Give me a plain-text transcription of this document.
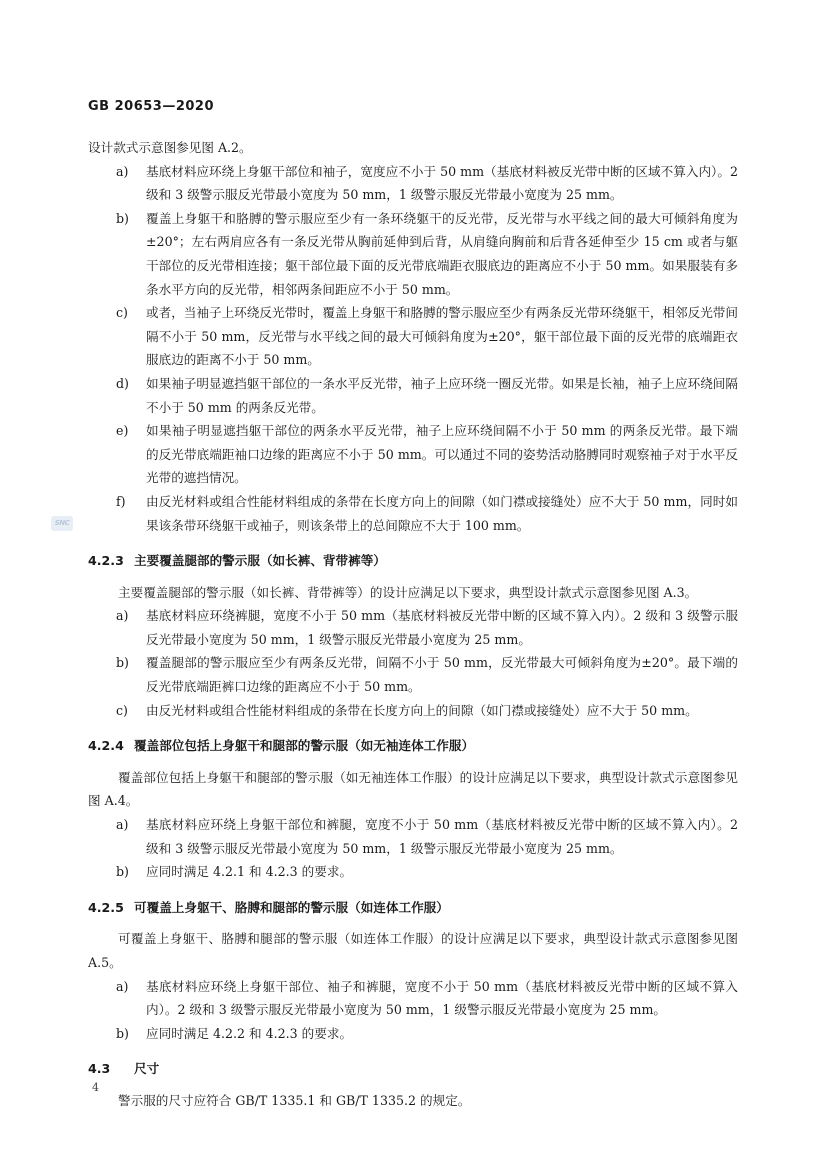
GB 20653—2020
SNC

设计款式示意图参见图 A.2。

a) 基底材料应环绕上身躯干部位和袖子，宽度应不小于 50 mm（基底材料被反光带中断的区域不算入内）。2 级和 3 级警示服反光带最小宽度为 50 mm，1 级警示服反光带最小宽度为 25 mm。

b) 覆盖上身躯干和胳膊的警示服应至少有一条环绕躯干的反光带，反光带与水平线之间的最大可倾斜角度为±20°；左右两肩应各有一条反光带从胸前延伸到后背，从肩缝向胸前和后背各延伸至少 15 cm 或者与躯干部位的反光带相连接；躯干部位最下面的反光带底端距衣服底边的距离应不小于 50 mm。如果服装有多条水平方向的反光带，相邻两条间距应不小于 50 mm。

c) 或者，当袖子上环绕反光带时，覆盖上身躯干和胳膊的警示服应至少有两条反光带环绕躯干，相邻反光带间隔不小于 50 mm，反光带与水平线之间的最大可倾斜角度为±20°，躯干部位最下面的反光带的底端距衣服底边的距离不小于 50 mm。

d) 如果袖子明显遮挡躯干部位的一条水平反光带，袖子上应环绕一圈反光带。如果是长袖，袖子上应环绕间隔不小于 50 mm 的两条反光带。

e) 如果袖子明显遮挡躯干部位的两条水平反光带，袖子上应环绕间隔不小于 50 mm 的两条反光带。最下端的反光带底端距袖口边缘的距离应不小于 50 mm。可以通过不同的姿势活动胳膊同时观察袖子对于水平反光带的遮挡情况。

f) 由反光材料或组合性能材料组成的条带在长度方向上的间隙（如门襟或接缝处）应不大于 50 mm，同时如果该条带环绕躯干或袖子，则该条带上的总间隙应不大于 100 mm。

4.2.3 主要覆盖腿部的警示服（如长裤、背带裤等）

主要覆盖腿部的警示服（如长裤、背带裤等）的设计应满足以下要求，典型设计款式示意图参见图 A.3。

a) 基底材料应环绕裤腿，宽度不小于 50 mm（基底材料被反光带中断的区域不算入内）。2 级和 3 级警示服反光带最小宽度为 50 mm，1 级警示服反光带最小宽度为 25 mm。

b) 覆盖腿部的警示服应至少有两条反光带，间隔不小于 50 mm，反光带最大可倾斜角度为±20°。最下端的反光带底端距裤口边缘的距离应不小于 50 mm。

c) 由反光材料或组合性能材料组成的条带在长度方向上的间隙（如门襟或接缝处）应不大于 50 mm。

4.2.4 覆盖部位包括上身躯干和腿部的警示服（如无袖连体工作服）

覆盖部位包括上身躯干和腿部的警示服（如无袖连体工作服）的设计应满足以下要求，典型设计款式示意图参见图 A.4。

a) 基底材料应环绕上身躯干部位和裤腿，宽度不小于 50 mm（基底材料被反光带中断的区域不算入内）。2 级和 3 级警示服反光带最小宽度为 50 mm，1 级警示服反光带最小宽度为 25 mm。

b) 应同时满足 4.2.1 和 4.2.3 的要求。

4.2.5 可覆盖上身躯干、胳膊和腿部的警示服（如连体工作服）

可覆盖上身躯干、胳膊和腿部的警示服（如连体工作服）的设计应满足以下要求，典型设计款式示意图参见图 A.5。

a) 基底材料应环绕上身躯干部位、袖子和裤腿，宽度不小于 50 mm（基底材料被反光带中断的区域不算入内）。2 级和 3 级警示服反光带最小宽度为 50 mm，1 级警示服反光带最小宽度为 25 mm。

b) 应同时满足 4.2.2 和 4.2.3 的要求。

4.3 尺寸

警示服的尺寸应符合 GB/T 1335.1 和 GB/T 1335.2 的规定。

4
